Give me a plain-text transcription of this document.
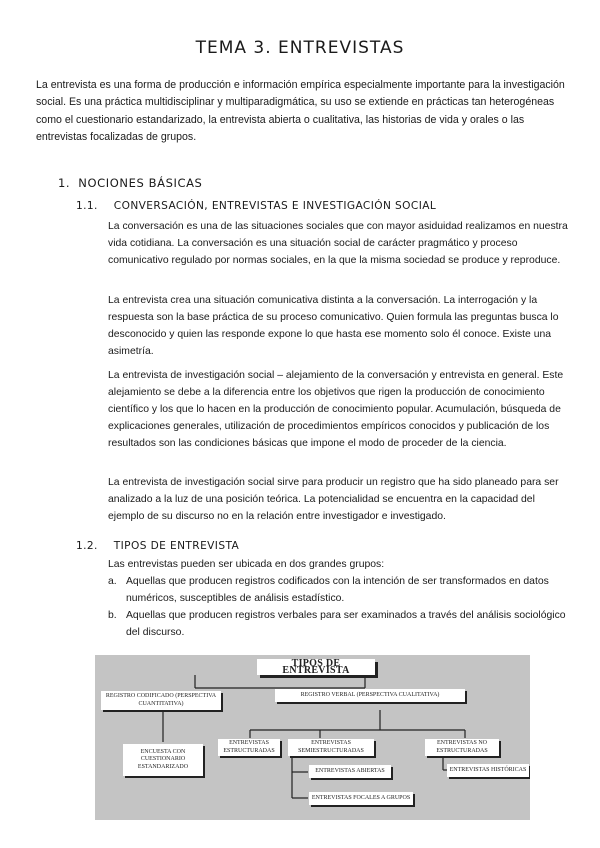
TEMA 3. ENTREVISTAS
La entrevista es una forma de producción e información empírica especialmente importante para la investigación social. Es una práctica multidisciplinar y multiparadigmática, su uso se extiende en prácticas tan heterogéneas como el cuestionario estandarizado, la entrevista abierta o cualitativa, las historias de vida y orales o las entrevistas focalizadas de grupos.
1. NOCIONES BÁSICAS
1.1. CONVERSACIÓN, ENTREVISTAS E INVESTIGACIÓN SOCIAL
La conversación es una de las situaciones sociales que con mayor asiduidad realizamos en nuestra vida cotidiana. La conversación es una situación social de carácter pragmático y proceso comunicativo regulado por normas sociales, en la que la misma sociedad se produce y reproduce.
La entrevista crea una situación comunicativa distinta a la conversación. La interrogación y la respuesta son la base práctica de su proceso comunicativo. Quien formula las preguntas busca lo desconocido y quien las responde expone lo que hasta ese momento solo él conoce. Existe una asimetría.
La entrevista de investigación social – alejamiento de la conversación y entrevista en general. Este alejamiento se debe a la diferencia entre los objetivos que rigen la producción de conocimiento científico y los que lo hacen en la producción de conocimiento popular. Acumulación, búsqueda de explicaciones generales, utilización de procedimientos empíricos conocidos y publicación de los resultados son las condiciones básicas que impone el modo de proceder de la ciencia.
La entrevista de investigación social sirve para producir un registro que ha sido planeado para ser analizado a la luz de una posición teórica. La potencialidad se encuentra en la capacidad del ejemplo de su discurso no en la relación entre investigador e investigado.
1.2. TIPOS DE ENTREVISTA
Las entrevistas pueden ser ubicada en dos grandes grupos:
a. Aquellas que producen registros codificados con la intención de ser transformados en datos numéricos, susceptibles de análisis estadístico.
b. Aquellas que producen registros verbales para ser examinados a través del análisis sociológico del discurso.
TIPOS DE ENTREVISTA
REGISTRO CODIFICADO (PERSPECTIVA CUANTITATIVA)
REGISTRO VERBAL (PERSPECTIVA CUALITATIVA)
ENCUESTA CON CUESTIONARIO ESTANDARIZADO
ENTREVISTAS ESTRUCTURADAS
ENTREVISTAS SEMIESTRUCTURADAS
ENTREVISTAS NO ESTRUCTURADAS
ENTREVISTAS ABIERTAS
ENTREVISTAS FOCALES A GRUPOS
ENTREVISTAS HISTÓRICAS
